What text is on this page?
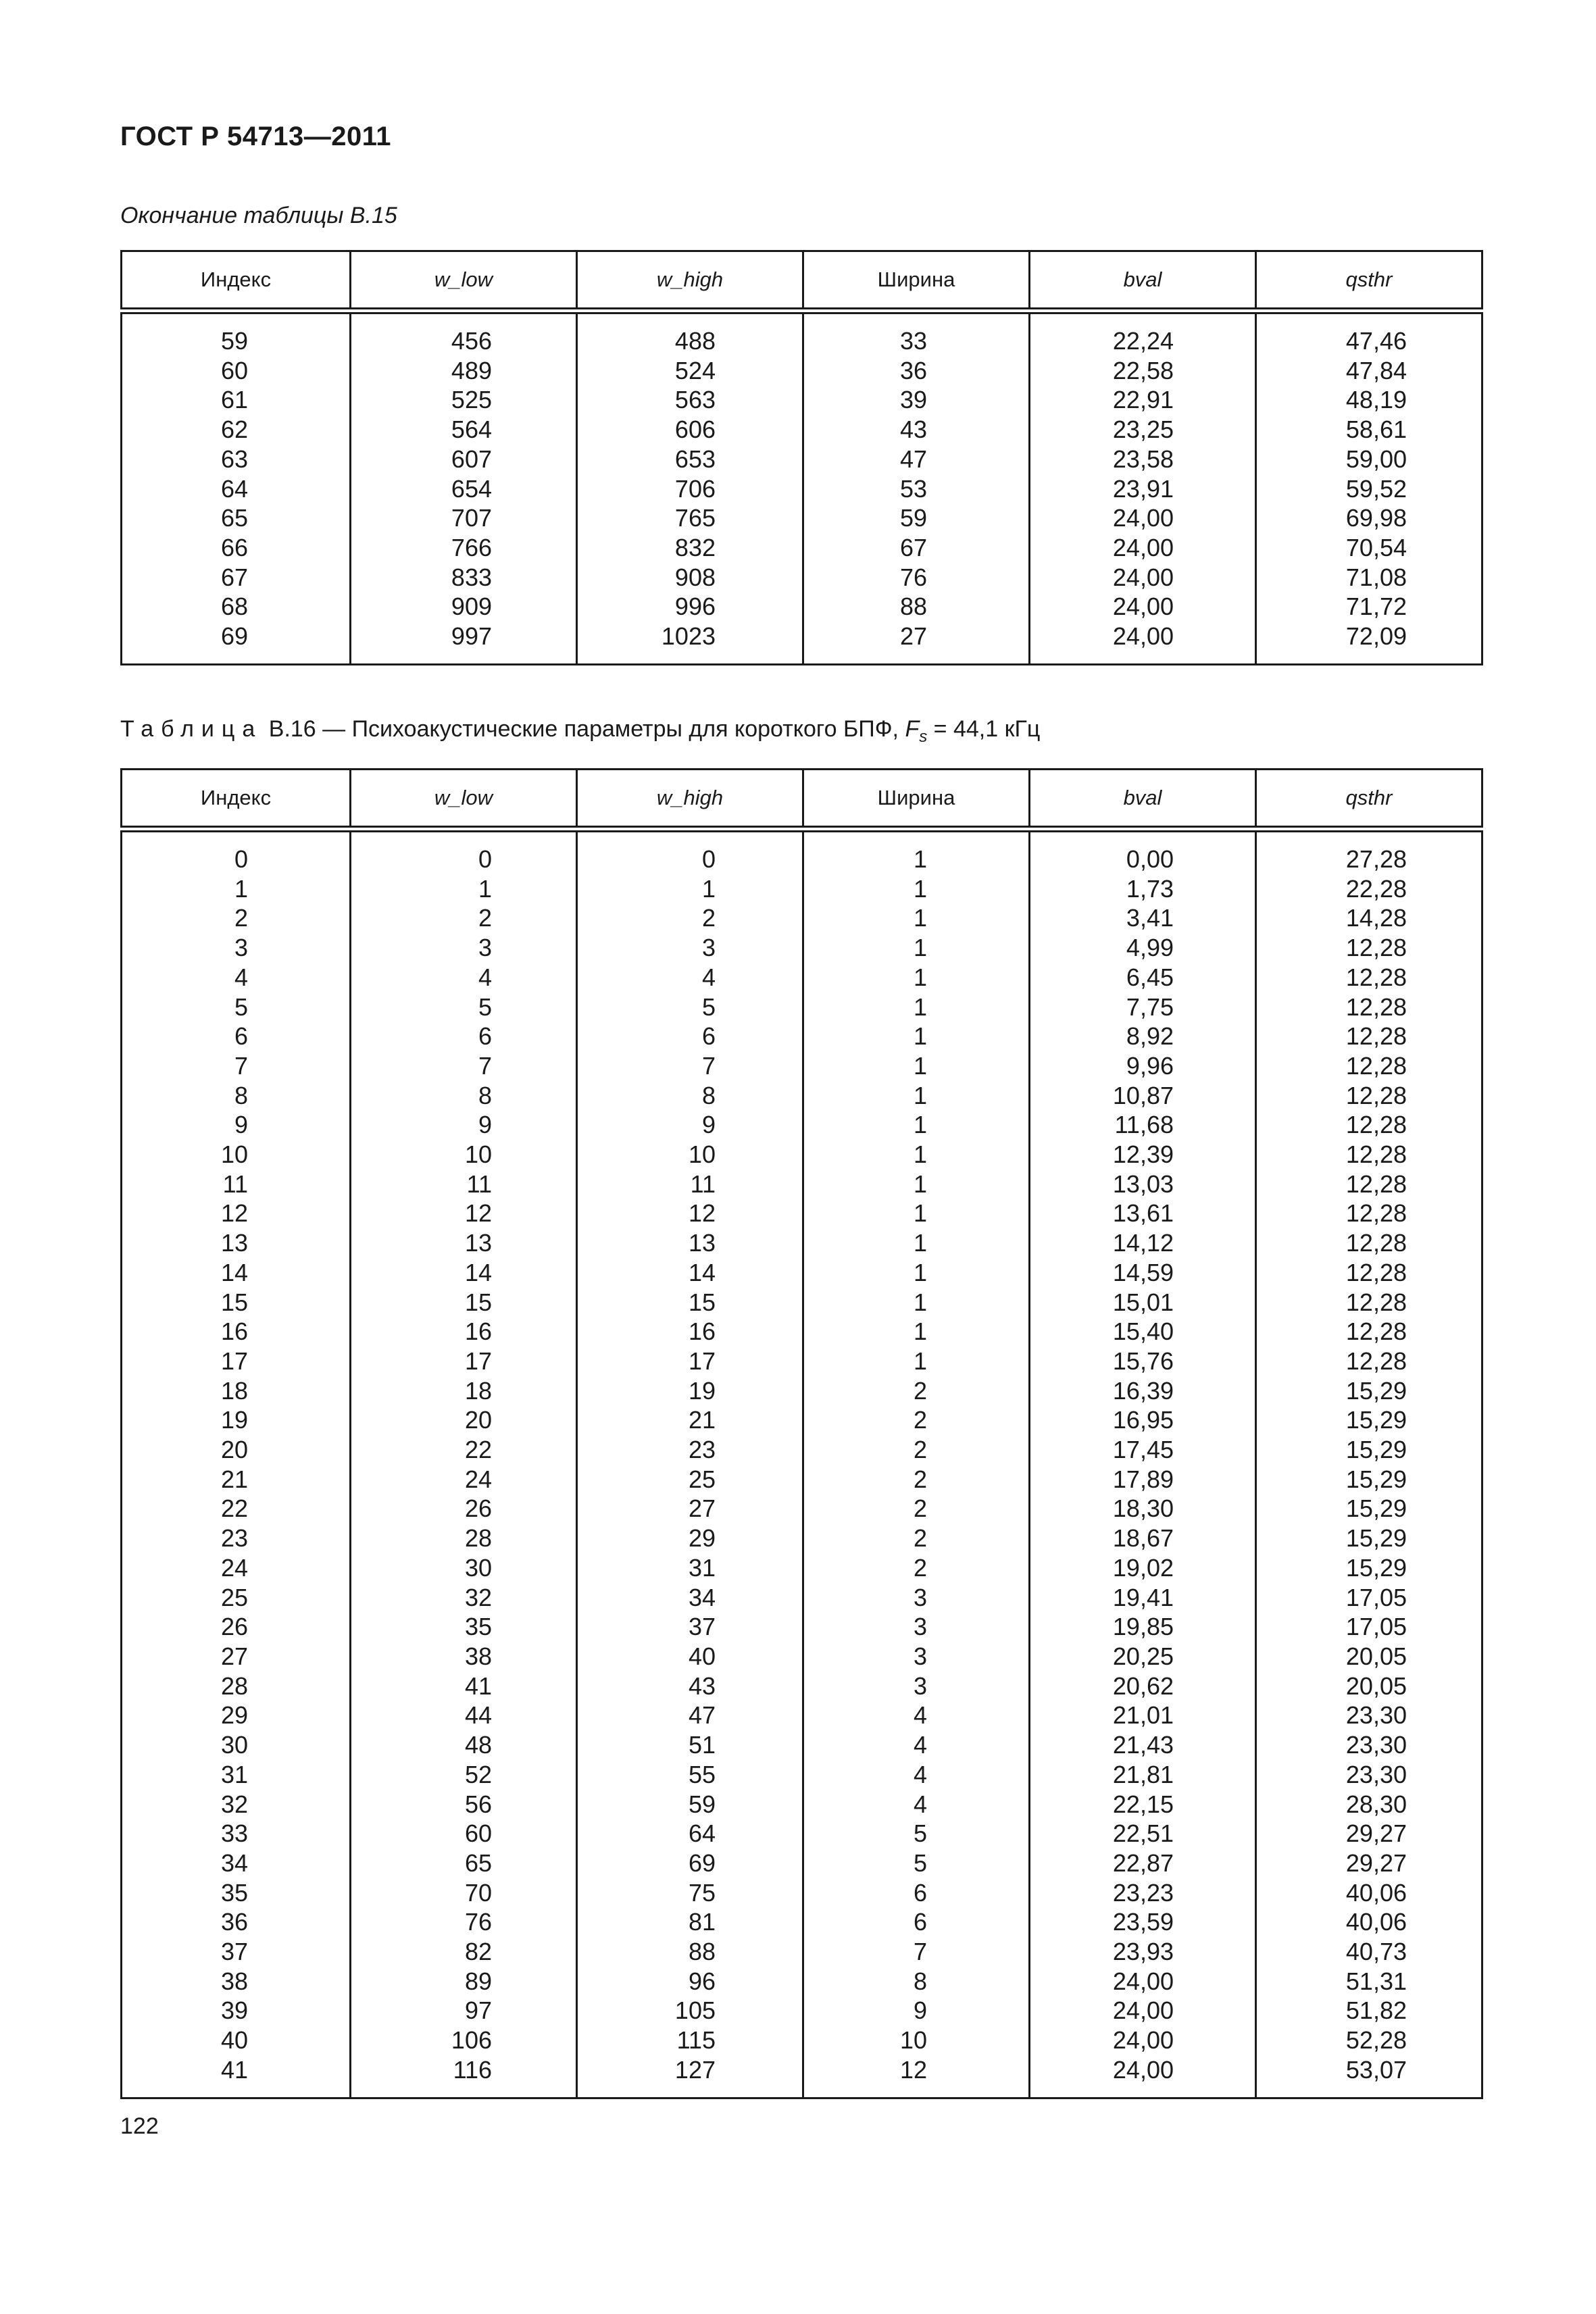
ГОСТ Р 54713—2011
Окончание таблицы В.15
Индекс	w_low	w_high	Ширина	bval	qsthr
59	456	488	33	22,24	47,46
60	489	524	36	22,58	47,84
61	525	563	39	22,91	48,19
62	564	606	43	23,25	58,61
63	607	653	47	23,58	59,00
64	654	706	53	23,91	59,52
65	707	765	59	24,00	69,98
66	766	832	67	24,00	70,54
67	833	908	76	24,00	71,08
68	909	996	88	24,00	71,72
69	997	1023	27	24,00	72,09
Таблица В.16 — Психоакустические параметры для короткого БПФ, $F_s = 44,1$ кГц
Индекс	w_low	w_high	Ширина	bval	qsthr
0	0	0	1	0,00	27,28
1	1	1	1	1,73	22,28
2	2	2	1	3,41	14,28
3	3	3	1	4,99	12,28
4	4	4	1	6,45	12,28
5	5	5	1	7,75	12,28
6	6	6	1	8,92	12,28
7	7	7	1	9,96	12,28
8	8	8	1	10,87	12,28
9	9	9	1	11,68	12,28
10	10	10	1	12,39	12,28
11	11	11	1	13,03	12,28
12	12	12	1	13,61	12,28
13	13	13	1	14,12	12,28
14	14	14	1	14,59	12,28
15	15	15	1	15,01	12,28
16	16	16	1	15,40	12,28
17	17	17	1	15,76	12,28
18	18	19	2	16,39	15,29
19	20	21	2	16,95	15,29
20	22	23	2	17,45	15,29
21	24	25	2	17,89	15,29
22	26	27	2	18,30	15,29
23	28	29	2	18,67	15,29
24	30	31	2	19,02	15,29
25	32	34	3	19,41	17,05
26	35	37	3	19,85	17,05
27	38	40	3	20,25	20,05
28	41	43	3	20,62	20,05
29	44	47	4	21,01	23,30
30	48	51	4	21,43	23,30
31	52	55	4	21,81	23,30
32	56	59	4	22,15	28,30
33	60	64	5	22,51	29,27
34	65	69	5	22,87	29,27
35	70	75	6	23,23	40,06
36	76	81	6	23,59	40,06
37	82	88	7	23,93	40,73
38	89	96	8	24,00	51,31
39	97	105	9	24,00	51,82
40	106	115	10	24,00	52,28
41	116	127	12	24,00	53,07
122
